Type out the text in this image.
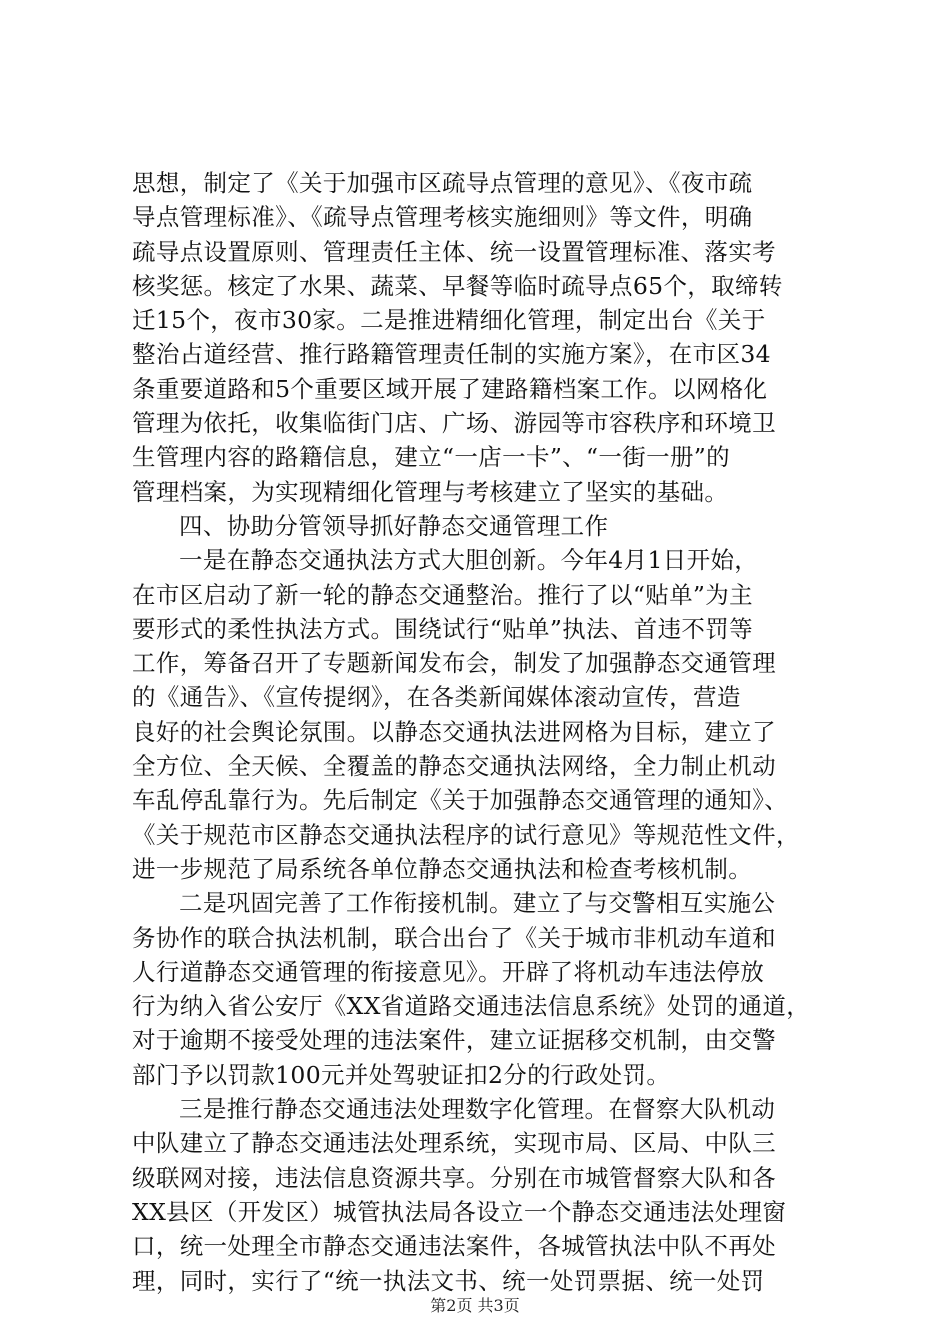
思想，制定了《关于加强市区疏导点管理的意见》、《夜市疏
导点管理标准》、《疏导点管理考核实施细则》等文件，明确
疏导点设置原则、管理责任主体、统一设置管理标准、落实考
核奖惩。核定了水果、蔬菜、早餐等临时疏导点65个，取缔转
迁15个，夜市30家。二是推进精细化管理，制定出台《关于
整治占道经营、推行路籍管理责任制的实施方案》，在市区34
条重要道路和5个重要区域开展了建路籍档案工作。以网格化
管理为依托，收集临街门店、广场、游园等市容秩序和环境卫
生管理内容的路籍信息，建立“一店一卡”、“一街一册”的
管理档案，为实现精细化管理与考核建立了坚实的基础。
四、协助分管领导抓好静态交通管理工作
一是在静态交通执法方式大胆创新。今年4月1日开始，
在市区启动了新一轮的静态交通整治。推行了以“贴单”为主
要形式的柔性执法方式。围绕试行“贴单”执法、首违不罚等
工作，筹备召开了专题新闻发布会，制发了加强静态交通管理
的《通告》、《宣传提纲》，在各类新闻媒体滚动宣传，营造
良好的社会舆论氛围。以静态交通执法进网格为目标，建立了
全方位、全天候、全覆盖的静态交通执法网络，全力制止机动
车乱停乱靠行为。先后制定《关于加强静态交通管理的通知》、
《关于规范市区静态交通执法程序的试行意见》等规范性文件，
进一步规范了局系统各单位静态交通执法和检查考核机制。
二是巩固完善了工作衔接机制。建立了与交警相互实施公
务协作的联合执法机制，联合出台了《关于城市非机动车道和
人行道静态交通管理的衔接意见》。开辟了将机动车违法停放
行为纳入省公安厅《XX省道路交通违法信息系统》处罚的通道，
对于逾期不接受处理的违法案件，建立证据移交机制，由交警
部门予以罚款100元并处驾驶证扣2分的行政处罚。
三是推行静态交通违法处理数字化管理。在督察大队机动
中队建立了静态交通违法处理系统，实现市局、区局、中队三
级联网对接，违法信息资源共享。分别在市城管督察大队和各
XX县区（开发区）城管执法局各设立一个静态交通违法处理窗
口，统一处理全市静态交通违法案件，各城管执法中队不再处
理，同时，实行了“统一执法文书、统一处罚票据、统一处罚
第2页 共3页
